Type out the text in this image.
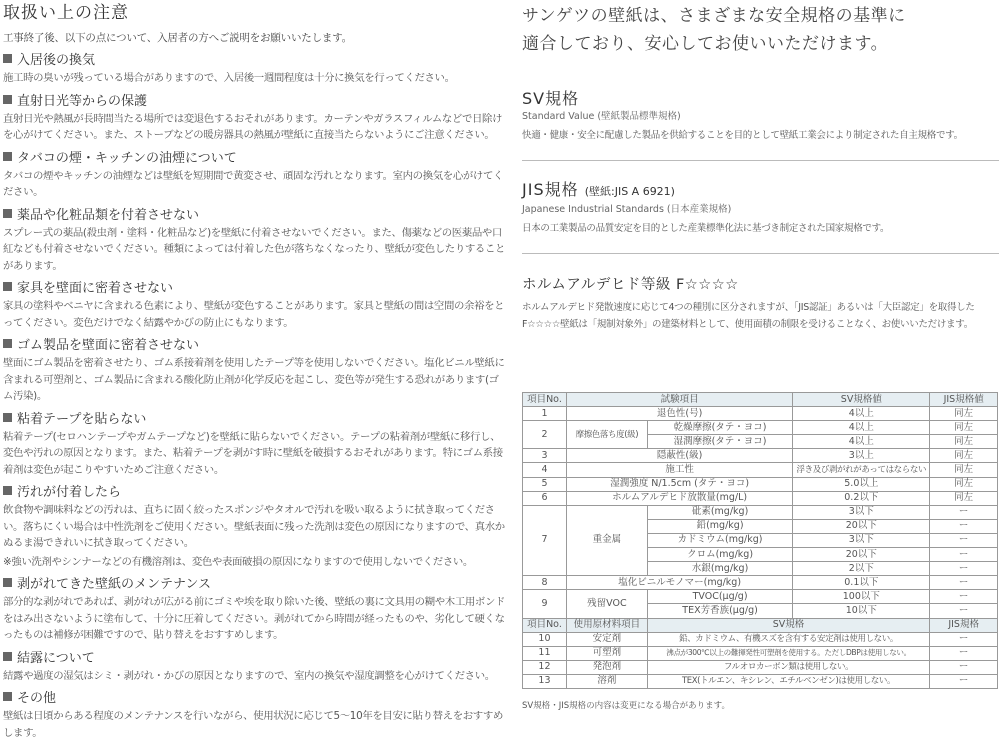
取扱い上の注意
工事終了後、以下の点について、入居者の方へご説明をお願いいたします。
入居後の換気

施工時の臭いが残っている場合がありますので、入居後一週間程度は十分に換気を行ってください。

直射日光等からの保護

直射日光や熱風が長時間当たる場所では変退色するおそれがあります。カーテンやガラスフィルムなどで日除けを心がけてください。また、ストーブなどの暖房器具の熱風が壁紙に直接当たらないようにご注意ください。

タバコの煙・キッチンの油煙について

タバコの煙やキッチンの油煙などは壁紙を短期間で黄変させ、頑固な汚れとなります。室内の換気を心がけてください。

薬品や化粧品類を付着させない

スプレー式の薬品(殺虫剤・塗料・化粧品など)を壁紙に付着させないでください。また、傷薬などの医薬品や口紅なども付着させないでください。種類によっては付着した色が落ちなくなったり、壁紙が変色したりすることがあります。

家具を壁面に密着させない

家具の塗料やベニヤに含まれる色素により、壁紙が変色することがあります。家具と壁紙の間は空間の余裕をとってください。変色だけでなく結露やかびの防止にもなります。

ゴム製品を壁面に密着させない

壁面にゴム製品を密着させたり、ゴム系接着剤を使用したテープ等を使用しないでください。塩化ビニル壁紙に含まれる可塑剤と、ゴム製品に含まれる酸化防止剤が化学反応を起こし、変色等が発生する恐れがあります(ゴム汚染)。

粘着テープを貼らない

粘着テープ(セロハンテープやガムテープなど)を壁紙に貼らないでください。テープの粘着剤が壁紙に移行し、変色や汚れの原因となります。また、粘着テープを剥がす時に壁紙を破損するおそれがあります。特にゴム系接着剤は変色が起こりやすいためご注意ください。

汚れが付着したら

飲食物や調味料などの汚れは、直ちに固く絞ったスポンジやタオルで汚れを吸い取るように拭き取ってください。落ちにくい場合は中性洗剤をご使用ください。壁紙表面に残った洗剤は変色の原因になりますので、真水かぬるま湯できれいに拭き取ってください。

※強い洗剤やシンナーなどの有機溶剤は、変色や表面破損の原因になりますので使用しないでください。

剥がれてきた壁紙のメンテナンス

部分的な剥がれであれば、剥がれが広がる前にゴミや埃を取り除いた後、壁紙の裏に文具用の糊や木工用ボンドをはみ出さないように塗布して、十分に圧着してください。剥がれてから時間が経ったものや、劣化して硬くなったものは補修が困難ですので、貼り替えをおすすめします。

結露について

結露や過度の湿気はシミ・剥がれ・かびの原因となりますので、室内の換気や湿度調整を心がけてください。

その他

壁紙は日頃からある程度のメンテナンスを行いながら、使用状況に応じて5〜10年を目安に貼り替えをおすすめします。

サンゲツの壁紙は、さまざまな安全規格の基準に
適合しており、安心してお使いいただけます。
SV規格
Standard Value (壁紙製品標準規格)

快適・健康・安全に配慮した製品を供給することを目的として壁紙工業会により制定された自主規格です。

JIS規格 (壁紙:JIS A 6921)
Japanese Industrial Standards (日本産業規格)

日本の工業製品の品質安定を目的とした産業標準化法に基づき制定された国家規格です。

ホルムアルデヒド等級 F☆☆☆☆

ホルムアルデヒド発散速度に応じて4つの種別に区分されますが、「JIS認証」あるいは「大臣認定」を取得したF☆☆☆☆壁紙は「規制対象外」の建築材料として、使用面積の制限を受けることなく、お使いいただけます。

項目No.	試験項目		SV規格値	JIS規格値
1	退色性(号)		4以上	同左
2	摩擦色落ち度(級)	乾燥摩擦(タテ・ヨコ)	4以上	同左
		湿潤摩擦(タテ・ヨコ)	4以上	同左
3	隠蔽性(級)		3以上	同左
4	施工性		浮き及び剥がれがあってはならない	同左
5	湿潤強度 N/1.5cm (タテ・ヨコ)		5.0以上	同左
6	ホルムアルデヒド放散量(mg/L)		0.2以下	同左
7	重金属	砒素(mg/kg)	3以下	ー
		鉛(mg/kg)	20以下	ー
		カドミウム(mg/kg)	3以下	ー
		クロム(mg/kg)	20以下	ー
		水銀(mg/kg)	2以下	ー
8	塩化ビニルモノマー(mg/kg)		0.1以下	ー
9	残留VOC	TVOC(μg/g)	100以下	ー
		TEX芳香族(μg/g)	10以下	ー
項目No.	使用原材料項目	SV規格		JIS規格
10	安定剤	鉛、カドミウム、有機スズを含有する安定剤は使用しない。		ー
11	可塑剤	沸点が300℃以上の難揮発性可塑剤を使用する。ただしDBPは使用しない。		ー
12	発泡剤	フルオロカーボン類は使用しない。		ー
13	溶剤	TEX(トルエン、キシレン、エチルベンゼン)は使用しない。		ー
SV規格・JIS規格の内容は変更になる場合があります。
